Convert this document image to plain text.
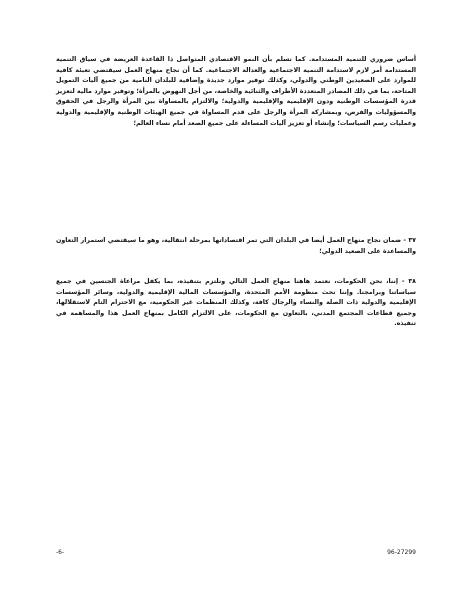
أساس ضروري للتنمية المستدامة. كما نسلم بأن النمو الاقتصادي المتواصل ذا القاعدة العريضة في سياق التنمية المستدامة أمر لازم لاستدامة التنمية الاجتماعية والعدالة الاجتماعية. كما أن نجاح منهاج العمل سيقتضي تعبئة كافية للموارد على الصعيدين الوطني والدولي، وكذلك توفير موارد جديدة وإضافية للبلدان النامية من جميع آليات التمويل المتاحة، بما في ذلك المصادر المتعددة الأطراف والثنائية والخاصة، من أجل النهوض بالمرأة؛ وتوفير موارد مالية لتعزيز قدرة المؤسسات الوطنية ودون الإقليمية والإقليمية والدولية؛ والالتزام بالمساواة بين المرأة والرجل في الحقوق والمسؤوليات والفرص، وبمشاركة المرأة والرجل على قدم المساواة في جميع الهيئات الوطنية والإقليمية والدولية وعمليات رسم السياسات؛ وإنشاء أو تعزيز آليات المساءلة على جميع الصعد أمام نساء العالم؛

٣٧ - ضمان نجاح منهاج العمل أيضا في البلدان التي تمر اقتصاداتها بمرحلة انتقالية، وهو ما سيقتضي استمرار التعاون والمساعدة على الصعيد الدولي؛

٣٨ - إننا، نحن الحكومات، نعتمد هاهنا منهاج العمل التالي ونلتزم بتنفيذه، بما يكفل مراعاة الجنسين في جميع سياساتنا وبرامجنا. وإننا نحث منظومة الأمم المتحدة، والمؤسسات المالية الإقليمية والدولية، وسائر المؤسسات الإقليمية والدولية ذات الصلة والنساء والرجال كافة، وكذلك المنظمات غير الحكومية، مع الاحترام التام لاستقلالها، وجميع قطاعات المجتمع المدني، بالتعاون مع الحكومات، على الالتزام الكامل بمنهاج العمل هذا والمساهمة في تنفيذه.

-6-	96-27299
